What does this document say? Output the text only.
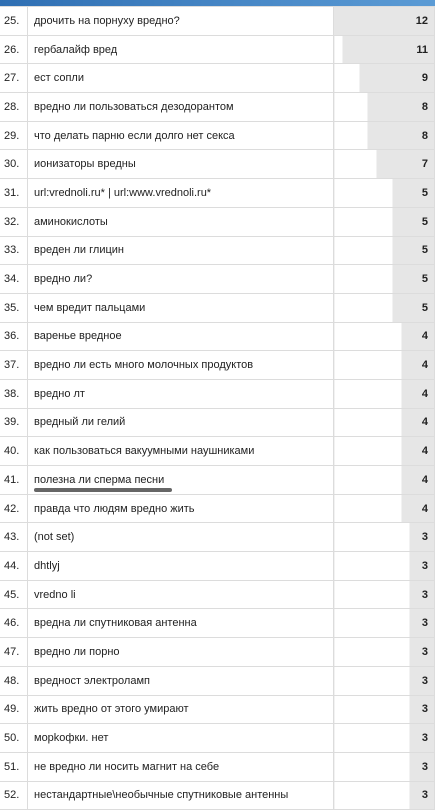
25.	дрочить на порнуху вредно?	12
26.	гербалайф вред	11
27.	ест сопли	9
28.	вредно ли пользоваться дезодорантом	8
29.	что делать парню если долго нет секса	8
30.	ионизаторы вредны	7
31.	url:vrednoli.ru* | url:www.vrednoli.ru*	5
32.	аминокислоты	5
33.	вреден ли глицин	5
34.	вредно ли?	5
35.	чем вредит пальцами	5
36.	варенье вредное	4
37.	вредно ли есть много молочных продуктов	4
38.	вредно лт	4
39.	вредный ли гелий	4
40.	как пользоваться вакуумными наушниками	4
41.	полезна ли сперма песни	4
42.	правда что людям вредно жить	4
43.	(not set)	3
44.	dhtlyj	3
45.	vredno li	3
46.	вредна ли спутниковая антенна	3
47.	вредно ли порно	3
48.	вредност электроламп	3
49.	жить вредно от этого умирают	3
50.	морkофки. нет	3
51.	не вредно ли носить магнит на себе	3
52.	нестандартные\необычные спутниковые антенны	3
